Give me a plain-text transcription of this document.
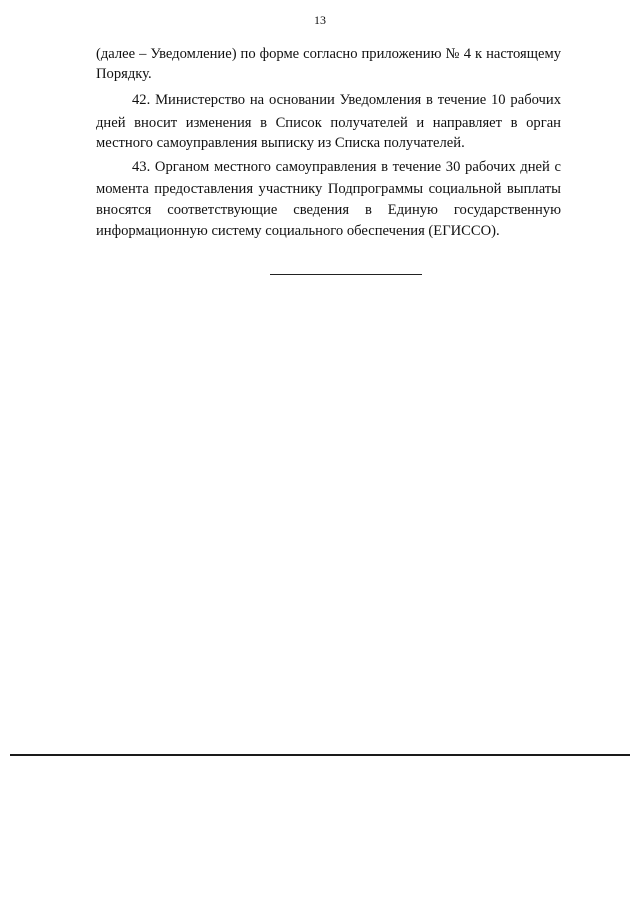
13
(далее – Уведомление) по форме согласно приложению № 4 к настоящему
Порядку.
42. Министерство на основании Уведомления в течение 10 рабочих
дней вносит изменения в Список получателей и направляет в орган
местного самоуправления выписку из Списка получателей.
43. Органом местного самоуправления в течение 30 рабочих дней с
момента предоставления участнику Подпрограммы социальной выплаты
вносятся соответствующие сведения в Единую государственную
информационную систему социального обеспечения (ЕГИССО).
